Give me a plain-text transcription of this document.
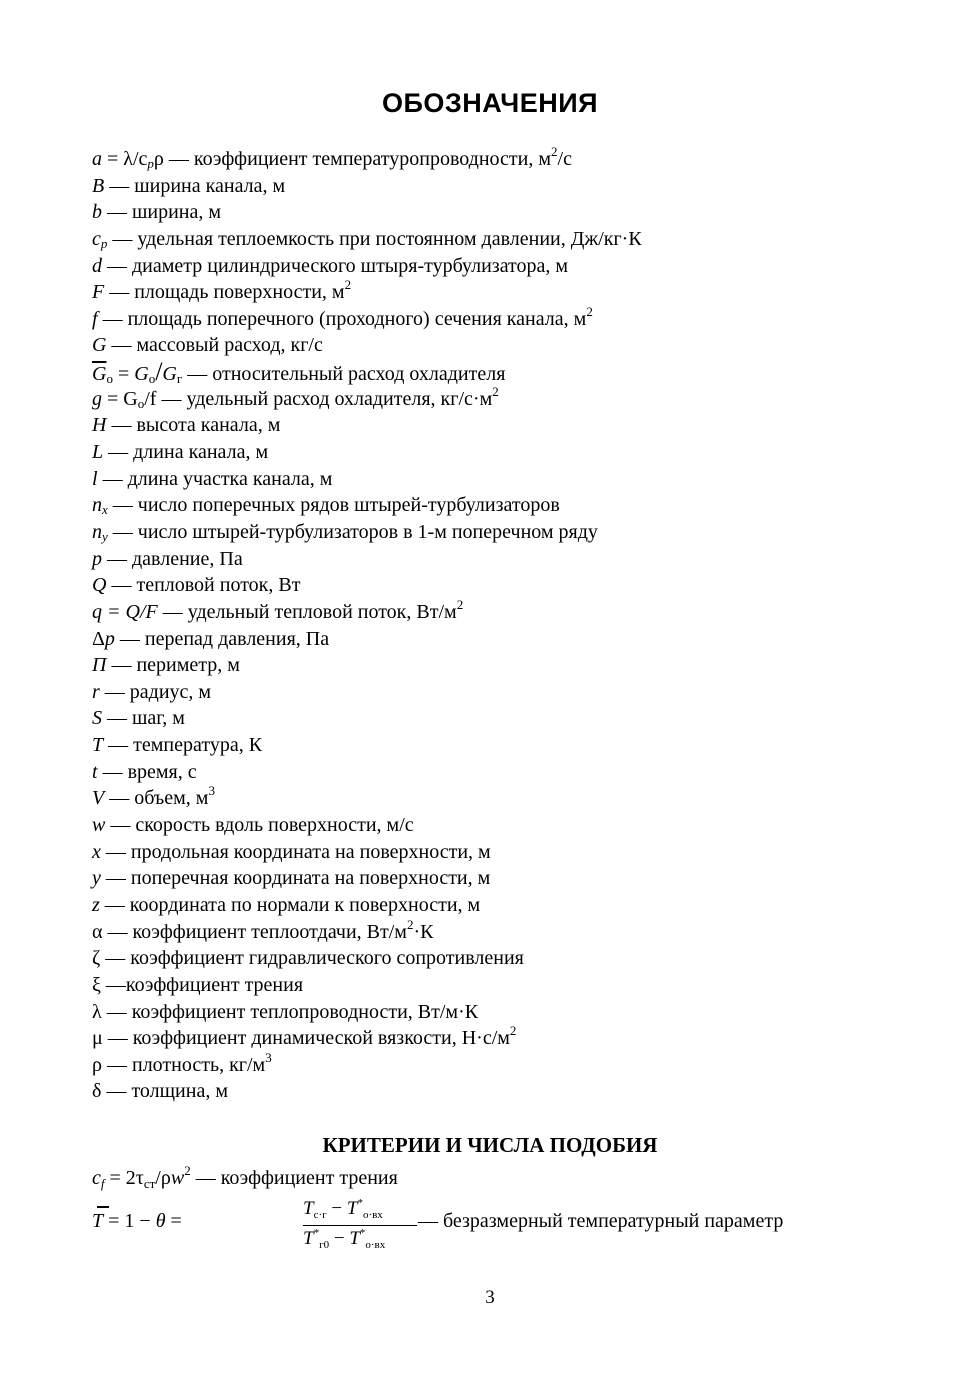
ОБОЗНАЧЕНИЯ
$a = \lambda/c_p\rho$ — коэффициент температуропроводности, $м^2/с$
B — ширина канала, м
b — ширина, м
$c_p$ — удельная теплоемкость при постоянном давлении, Дж/кг·К
d — диаметр цилиндрического штыря-турбулизатора, м
F — площадь поверхности, $м^2$
f — площадь поперечного (проходного) сечения канала, $м^2$
G — массовый расход, кг/с
$\overline{G}_о = G_о/G_г$ — относительный расход охладителя
$g = G_о/f$ — удельный расход охладителя, $кг/с\cdot м^2$
H — высота канала, м
L — длина канала, м
l — длина участка канала, м
$n_x$ — число поперечных рядов штырей-турбулизаторов
$n_y$ — число штырей-турбулизаторов в 1-м поперечном ряду
p — давление, Па
Q — тепловой поток, Вт
q = Q/F — удельный тепловой поток, $Вт/м^2$
Δp — перепад давления, Па
П — периметр, м
r — радиус, м
S — шаг, м
T — температура, К
t — время, с
V — объем, $м^3$
w — скорость вдоль поверхности, м/с
x — продольная координата на поверхности, м
y — поперечная координата на поверхности, м
z — координата по нормали к поверхности, м
α — коэффициент теплоотдачи, $Вт/м^2\cdot К$
ζ — коэффициент гидравлического сопротивления
ξ —коэффициент трения
λ — коэффициент теплопроводности, Вт/м·К
μ — коэффициент динамической вязкости, $Н\cdot с/м^2$
ρ — плотность, $кг/м^3$
δ — толщина, м
КРИТЕРИИ И ЧИСЛА ПОДОБИЯ
$c_f = 2\tau_{ст}/\rho w^2$ — коэффициент трения
T = 1 − θ =
$T_{с\cdot г} - T^*_{о\cdot вх}$
$T^*_{г0} - T^*_{о\cdot вх}$
— безразмерный температурный параметр
3
